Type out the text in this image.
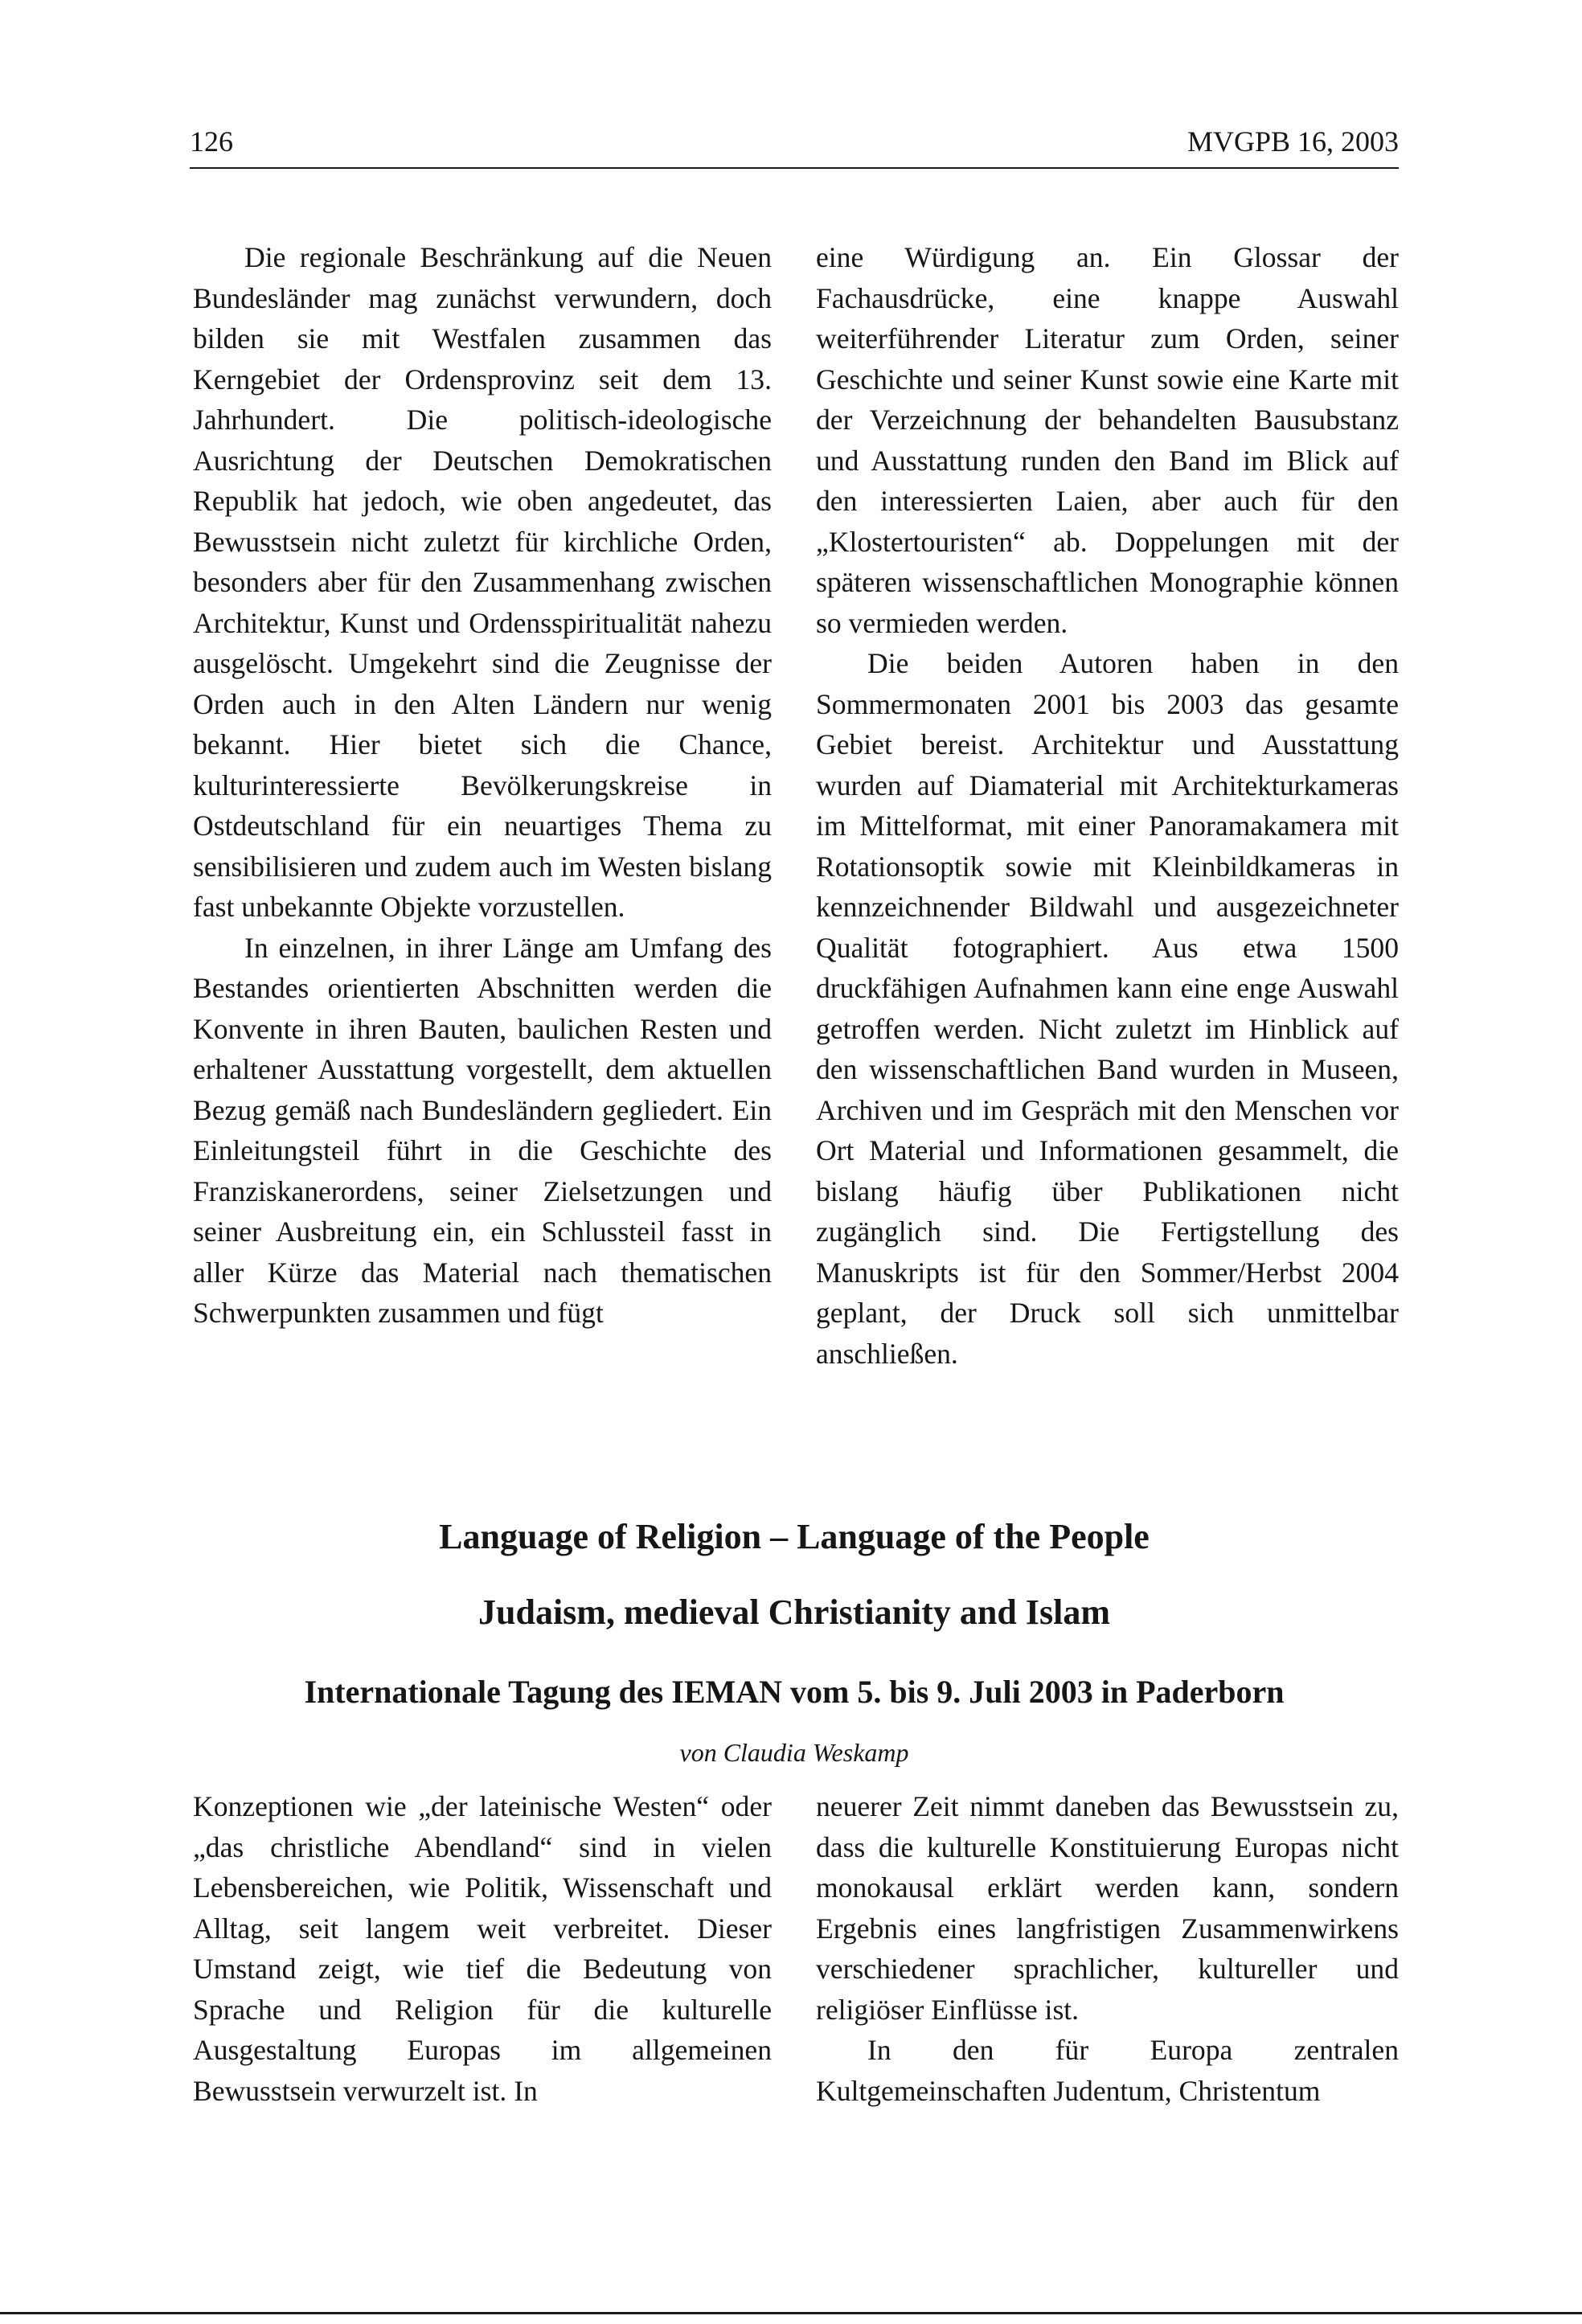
126	MVGPB 16, 2003

Die regionale Beschränkung auf die Neuen Bundesländer mag zunächst verwundern, doch bilden sie mit Westfalen zusammen das Kerngebiet der Ordensprovinz seit dem 13. Jahrhundert. Die politisch-ideologische Ausrichtung der Deutschen Demokratischen Republik hat jedoch, wie oben angedeutet, das Bewusstsein nicht zuletzt für kirchliche Orden, besonders aber für den Zusammenhang zwischen Architektur, Kunst und Ordensspiritualität nahezu ausgelöscht. Umgekehrt sind die Zeugnisse der Orden auch in den Alten Ländern nur wenig bekannt. Hier bietet sich die Chance, kulturinteressierte Bevölkerungskreise in Ostdeutschland für ein neuartiges Thema zu sensibilisieren und zudem auch im Westen bislang fast unbekannte Objekte vorzustellen.

In einzelnen, in ihrer Länge am Umfang des Bestandes orientierten Abschnitten werden die Konvente in ihren Bauten, baulichen Resten und erhaltener Ausstattung vorgestellt, dem aktuellen Bezug gemäß nach Bundesländern gegliedert. Ein Einleitungsteil führt in die Geschichte des Franziskanerordens, seiner Zielsetzungen und seiner Ausbreitung ein, ein Schlussteil fasst in aller Kürze das Material nach thematischen Schwerpunkten zusammen und fügt

eine Würdigung an. Ein Glossar der Fachausdrücke, eine knappe Auswahl weiterführender Literatur zum Orden, seiner Geschichte und seiner Kunst sowie eine Karte mit der Verzeichnung der behandelten Bausubstanz und Ausstattung runden den Band im Blick auf den interessierten Laien, aber auch für den „Klostertouristen“ ab. Doppelungen mit der späteren wissenschaftlichen Monographie können so vermieden werden.

Die beiden Autoren haben in den Sommermonaten 2001 bis 2003 das gesamte Gebiet bereist. Architektur und Ausstattung wurden auf Diamaterial mit Architekturkameras im Mittelformat, mit einer Panoramakamera mit Rotationsoptik sowie mit Kleinbildkameras in kennzeichnender Bildwahl und ausgezeichneter Qualität fotographiert. Aus etwa 1500 druckfähigen Aufnahmen kann eine enge Auswahl getroffen werden. Nicht zuletzt im Hinblick auf den wissenschaftlichen Band wurden in Museen, Archiven und im Gespräch mit den Menschen vor Ort Material und Informationen gesammelt, die bislang häufig über Publikationen nicht zugänglich sind. Die Fertigstellung des Manuskripts ist für den Sommer/Herbst 2004 geplant, der Druck soll sich unmittelbar anschließen.

Language of Religion – Language of the People
Judaism, medieval Christianity and Islam
Internationale Tagung des IEMAN vom 5. bis 9. Juli 2003 in Paderborn
von Claudia Weskamp

Konzeptionen wie „der lateinische Westen“ oder „das christliche Abendland“ sind in vielen Lebensbereichen, wie Politik, Wissenschaft und Alltag, seit langem weit verbreitet. Dieser Umstand zeigt, wie tief die Bedeutung von Sprache und Religion für die kulturelle Ausgestaltung Europas im allgemeinen Bewusstsein verwurzelt ist. In

neuerer Zeit nimmt daneben das Bewusstsein zu, dass die kulturelle Konstituierung Europas nicht monokausal erklärt werden kann, sondern Ergebnis eines langfristigen Zusammenwirkens verschiedener sprachlicher, kultureller und religiöser Einflüsse ist.

In den für Europa zentralen Kultgemeinschaften Judentum, Christentum
